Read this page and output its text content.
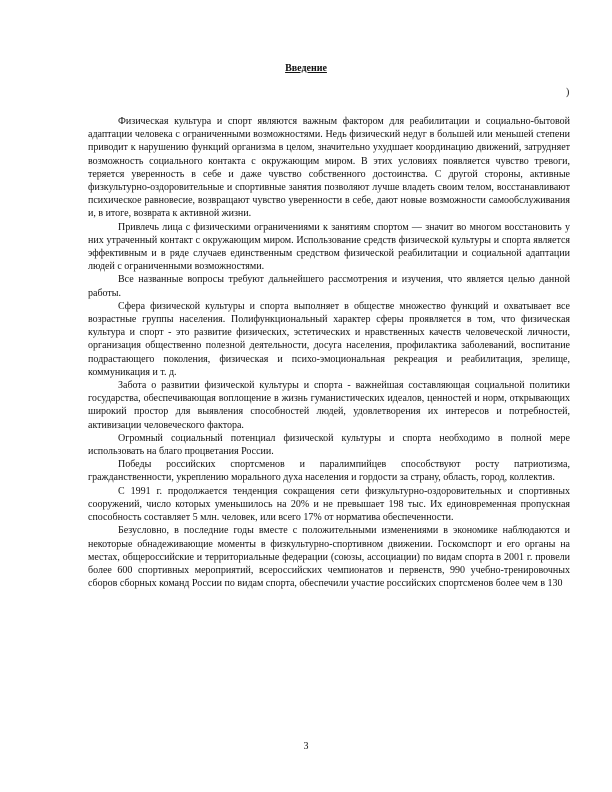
Введение
)

Физическая культура и спорт являются важным фактором для реабилитации и социально-бытовой адаптации человека с ограниченными возможностями. Недь физический недуг в большей или меньшей степени приводит к нарушению функций организма в целом, значительно ухудшает координацию движений, затрудняет возможность социального контакта с окружающим миром. В этих условиях появляется чувство тревоги, теряется уверенность в себе и даже чувство собственного достоинства. С другой стороны, активные физкультурно-оздоровительные и спортивные занятия позволяют лучше владеть своим телом, восстанавливают психическое равновесие, возвращают чувство уверенности в себе, дают новые возможности самообслуживания и, в итоге, возврата к активной жизни.

Привлечь лица с физическими ограничениями к занятиям спортом — значит во многом восстановить у них утраченный контакт с окружающим миром. Использование средств физической культуры и спорта является эффективным и в ряде случаев единственным средством физической реабилитации и социальной адаптации людей с ограниченными возможностями.

Все названные вопросы требуют дальнейшего рассмотрения и изучения, что является целью данной работы.

Сфера физической культуры и спорта выполняет в обществе множество функций и охватывает все возрастные группы населения. Полифункциональный характер сферы проявляется в том, что физическая культура и спорт - это развитие физических, эстетических и нравственных качеств человеческой личности, организация общественно полезной деятельности, досуга населения, профилактика заболеваний, воспитание подрастающего поколения, физическая и психо-эмоциональная рекреация и реабилитация, зрелище, коммуникация и т. д.

Забота о развитии физической культуры и спорта - важнейшая составляющая социальной политики государства, обеспечивающая воплощение в жизнь гуманистических идеалов, ценностей и норм, открывающих широкий простор для выявления способностей людей, удовлетворения их интересов и потребностей, активизации человеческого фактора.

Огромный социальный потенциал физической культуры и спорта необходимо в полной мере использовать на благо процветания России.

Победы российских спортсменов и паралимпийцев способствуют росту патриотизма, гражданственности, укреплению морального духа населения и гордости за страну, область, город, коллектив.

С 1991 г. продолжается тенденция сокращения сети физкультурно-оздоровительных и спортивных сооружений, число которых уменьшилось на 20% и не превышает 198 тыс. Их единовременная пропускная способность составляет 5 млн. человек, или всего 17% от норматива обеспеченности.

Безусловно, в последние годы вместе с положительными изменениями в экономике наблюдаются и некоторые обнадеживающие моменты в физкультурно-спортивном движении. Госкомспорт и его органы на местах, общероссийские и территориальные федерации (союзы, ассоциации) по видам спорта в 2001 г. провели более 600 спортивных мероприятий, всероссийских чемпионатов и первенств, 990 учебно-тренировочных сборов сборных команд России по видам спорта, обеспечили участие российских спортсменов более чем в 130

3
